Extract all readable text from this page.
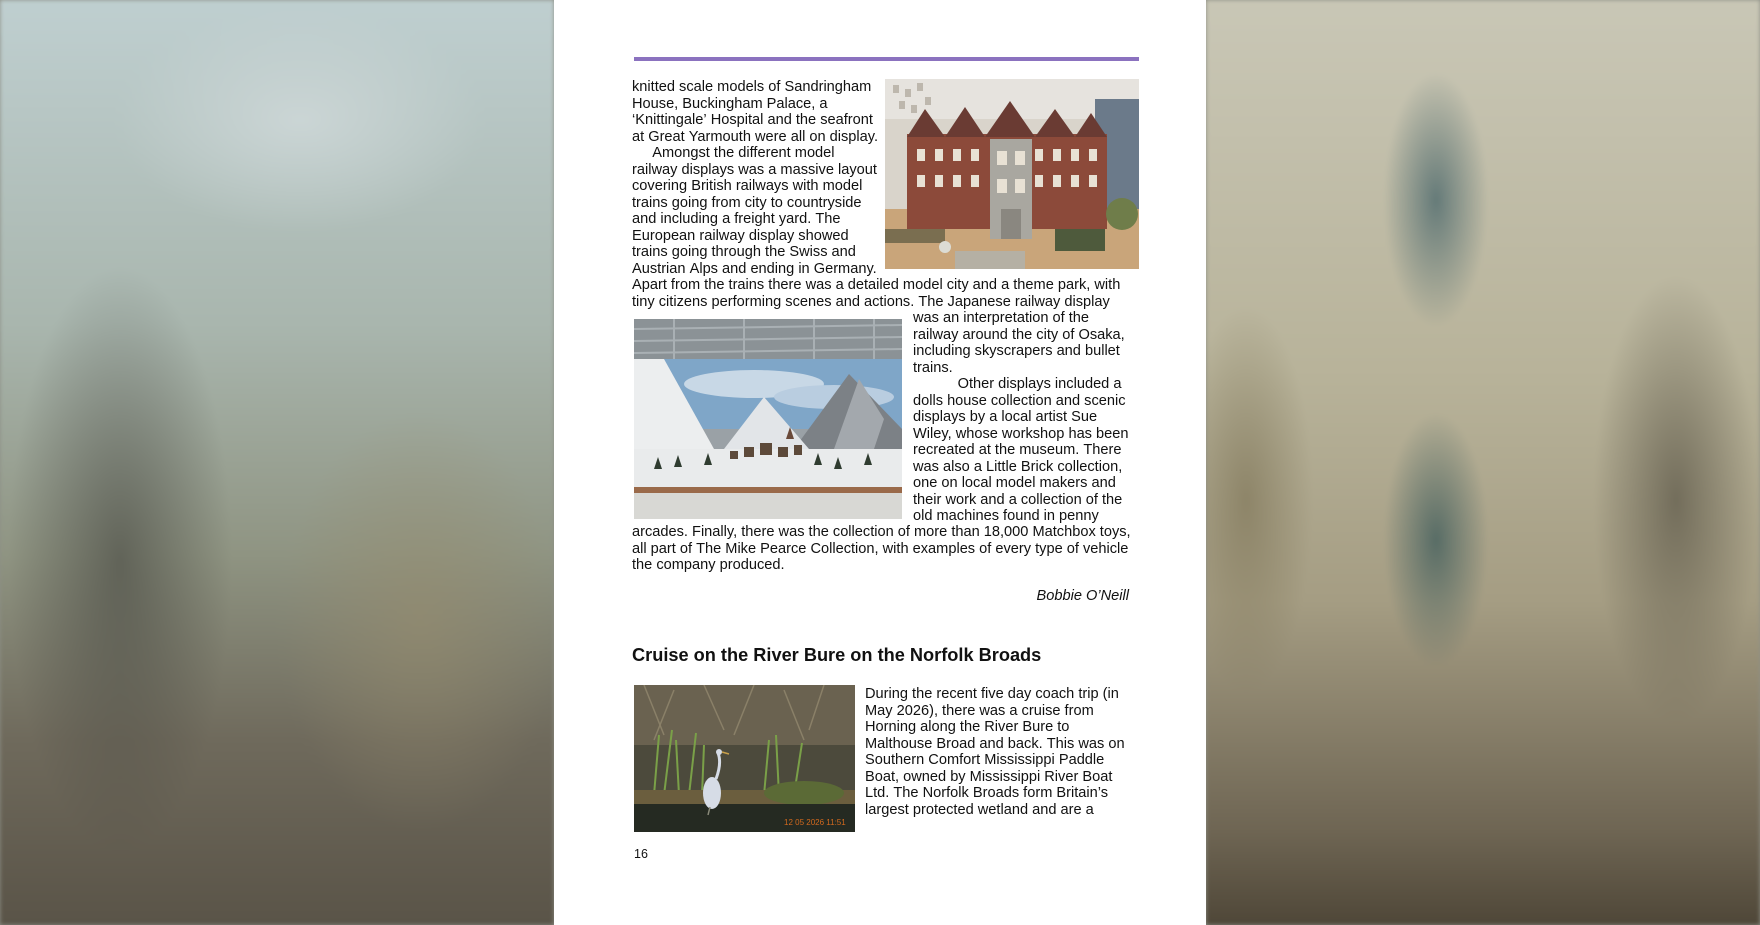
knitted scale models of Sandringham
House, Buckingham Palace, a
‘Knittingale’ Hospital and the seafront
at Great Yarmouth were all on display.
Amongst the different model
railway displays was a massive layout
covering British railways with model
trains going from city to countryside
and including a freight yard. The
European railway display showed
trains going through the Swiss and
Austrian Alps and ending in Germany.
Apart from the trains there was a detailed model city and a theme park, with
tiny citizens performing scenes and actions. The Japanese railway display
was an interpretation of the
railway around the city of Osaka,
including skyscrapers and bullet
trains.
Other displays included a
dolls house collection and scenic
displays by a local artist Sue
Wiley, whose workshop has been
recreated at the museum. There
was also a Little Brick collection,
one on local model makers and
their work and a collection of the
old machines found in penny
arcades. Finally, there was the collection of more than 18,000 Matchbox toys,
all part of The Mike Pearce Collection, with examples of every type of vehicle
the company produced.
Bobbie O’Neill
Cruise on the River Bure on the Norfolk Broads
12 05 2026 11:51
During the recent five day coach trip (in
May 2026), there was a cruise from
Horning along the River Bure to
Malthouse Broad and back. This was on
Southern Comfort Mississippi Paddle
Boat, owned by Mississippi River Boat
Ltd. The Norfolk Broads form Britain’s
largest protected wetland and are a
16
